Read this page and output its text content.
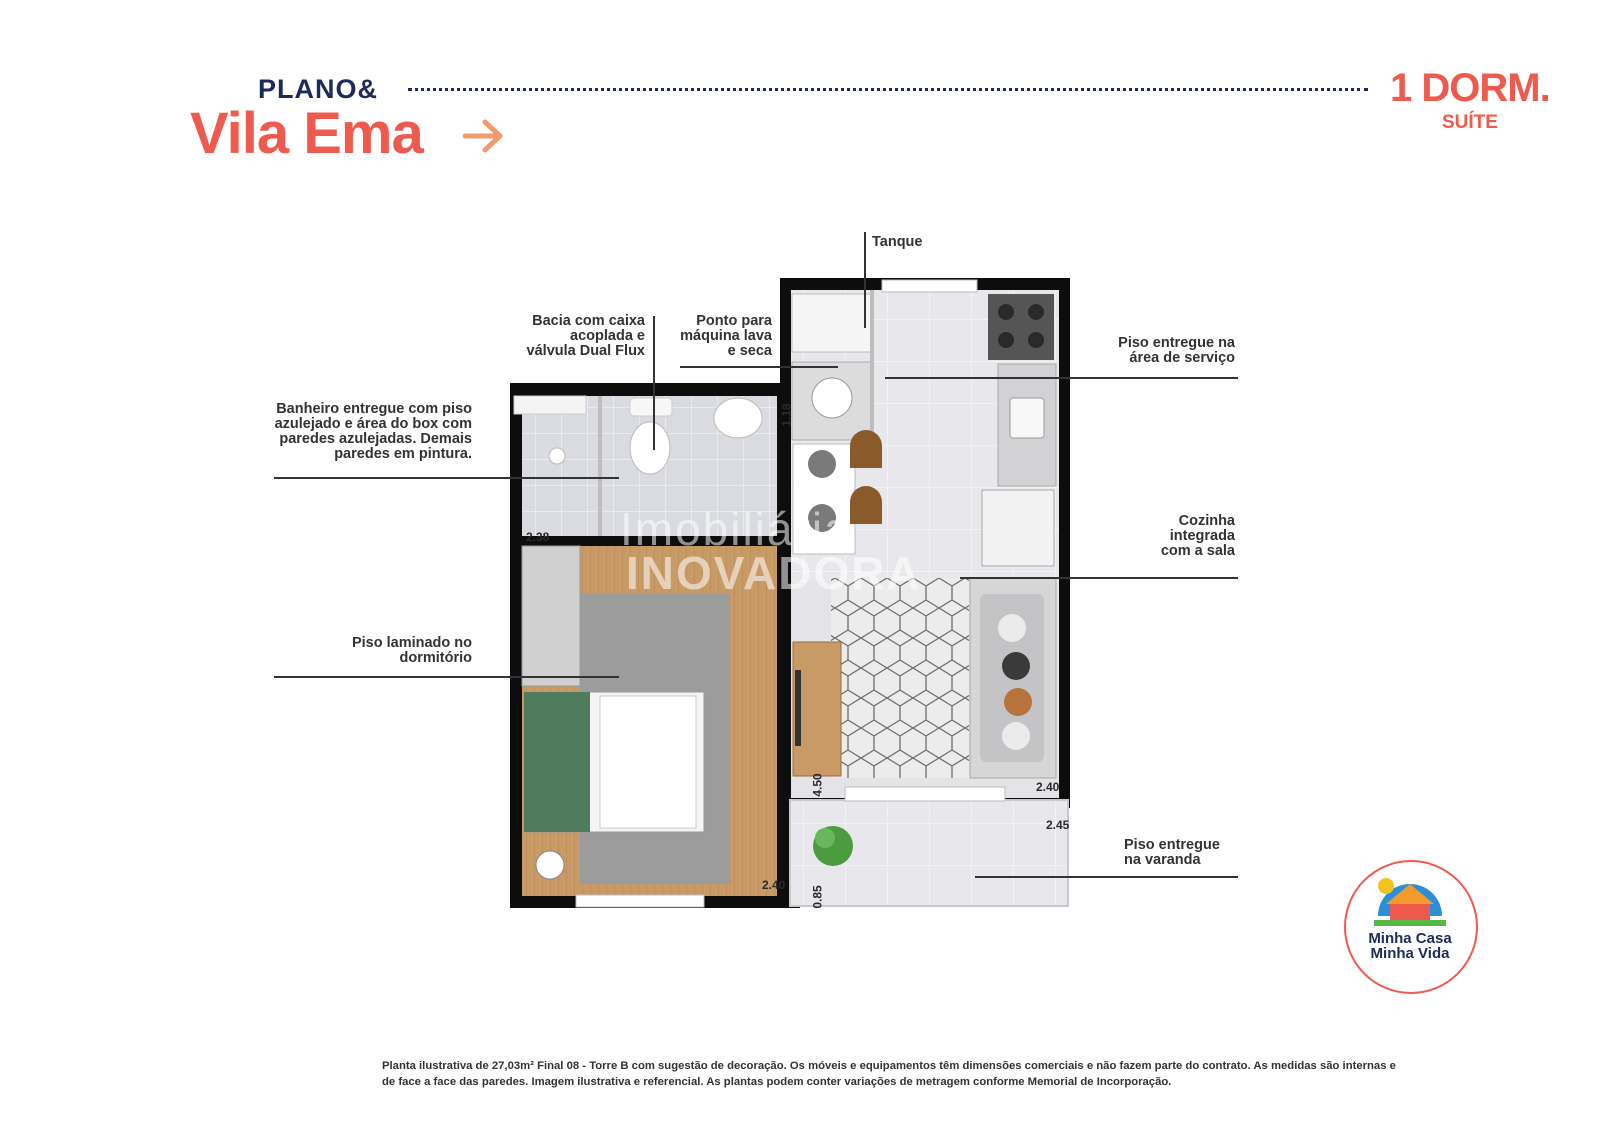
PLANO&
Vila Ema
1 DORM.
SUÍTE
Imobiliária
INOVADORA
1.18
2.38
2.40
4.50	2.40
2.45
0.85
Tanque
Bacia com caixa
acoplada e
válvula Dual Flux
Ponto para
máquina lava
e seca	Piso entregue na
área de serviço
Banheiro entregue com piso
azulejado e área do box com
paredes azulejadas. Demais
paredes em pintura.
Cozinha
integrada
com a sala
Piso laminado no
dormitório
Piso entregue
na varanda
Minha Casa
Minha Vida
Planta ilustrativa de 27,03m² Final 08 - Torre B com sugestão de decoração. Os móveis e equipamentos têm dimensões comerciais e não fazem parte do contrato. As medidas são internas e de face a face das paredes. Imagem ilustrativa e referencial. As plantas podem conter variações de metragem conforme Memorial de Incorporação.
